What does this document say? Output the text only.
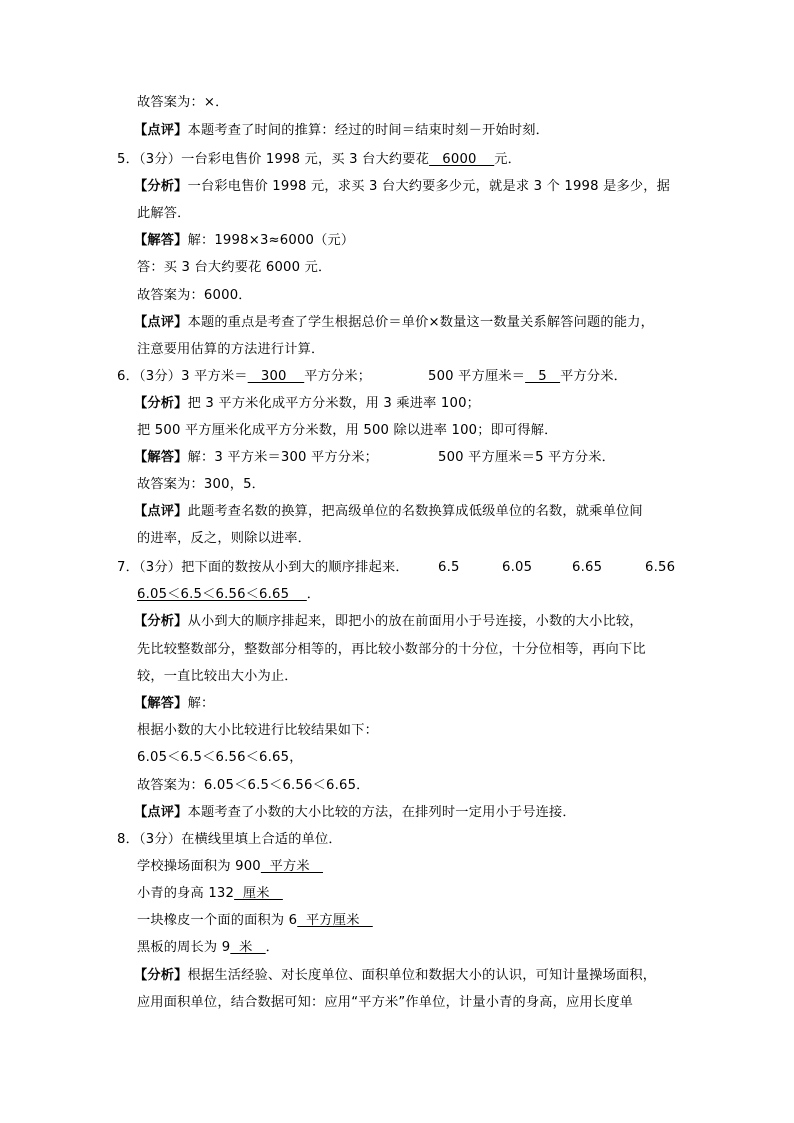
故答案为：×．
【点评】本题考查了时间的推算：经过的时间＝结束时刻－开始时刻．
5．（3分）一台彩电售价 1998 元，买 3 台大约要花   6000    元．
【分析】一台彩电售价 1998 元，求买 3 台大约要多少元，就是求 3 个 1998 是多少，据
此解答．
【解答】解：1998×3≈6000（元）
答：买 3 台大约要花 6000 元．
故答案为：6000．
【点评】本题的重点是考查了学生根据总价＝单价×数量这一数量关系解答问题的能力，
注意要用估算的方法进行计算．
6．（3分）3 平方米＝   300    平方分米；	500 平方厘米＝   5   平方分米．
【分析】把 3 平方米化成平方分米数，用 3 乘进率 100；
把 500 平方厘米化成平方分米数，用 500 除以进率 100；即可得解．
【解答】解：3 平方米＝300 平方分米；	500 平方厘米＝5 平方分米．
故答案为：300，5．
【点评】此题考查名数的换算，把高级单位的名数换算成低级单位的名数，就乘单位间
的进率，反之，则除以进率．
7．（3分）把下面的数按从小到大的顺序排起来． 6.5	6.05	6.65	6.56
6.05＜6.5＜6.56＜6.65    ．
【分析】从小到大的顺序排起来，即把小的放在前面用小于号连接，小数的大小比较，
先比较整数部分，整数部分相等的，再比较小数部分的十分位，十分位相等，再向下比
较，一直比较出大小为止．
【解答】解：
根据小数的大小比较进行比较结果如下：
6.05＜6.5＜6.56＜6.65，
故答案为：6.05＜6.5＜6.56＜6.65．
【点评】本题考查了小数的大小比较的方法，在排列时一定用小于号连接．
8．（3分）在横线里填上合适的单位．
学校操场面积为 900  平方米
小青的身高 132  厘米
一块橡皮一个面的面积为 6  平方厘米
黑板的周长为 9  米   ．
【分析】根据生活经验、对长度单位、面积单位和数据大小的认识，可知计量操场面积，
应用面积单位，结合数据可知：应用“平方米”作单位，计量小青的身高，应用长度单
